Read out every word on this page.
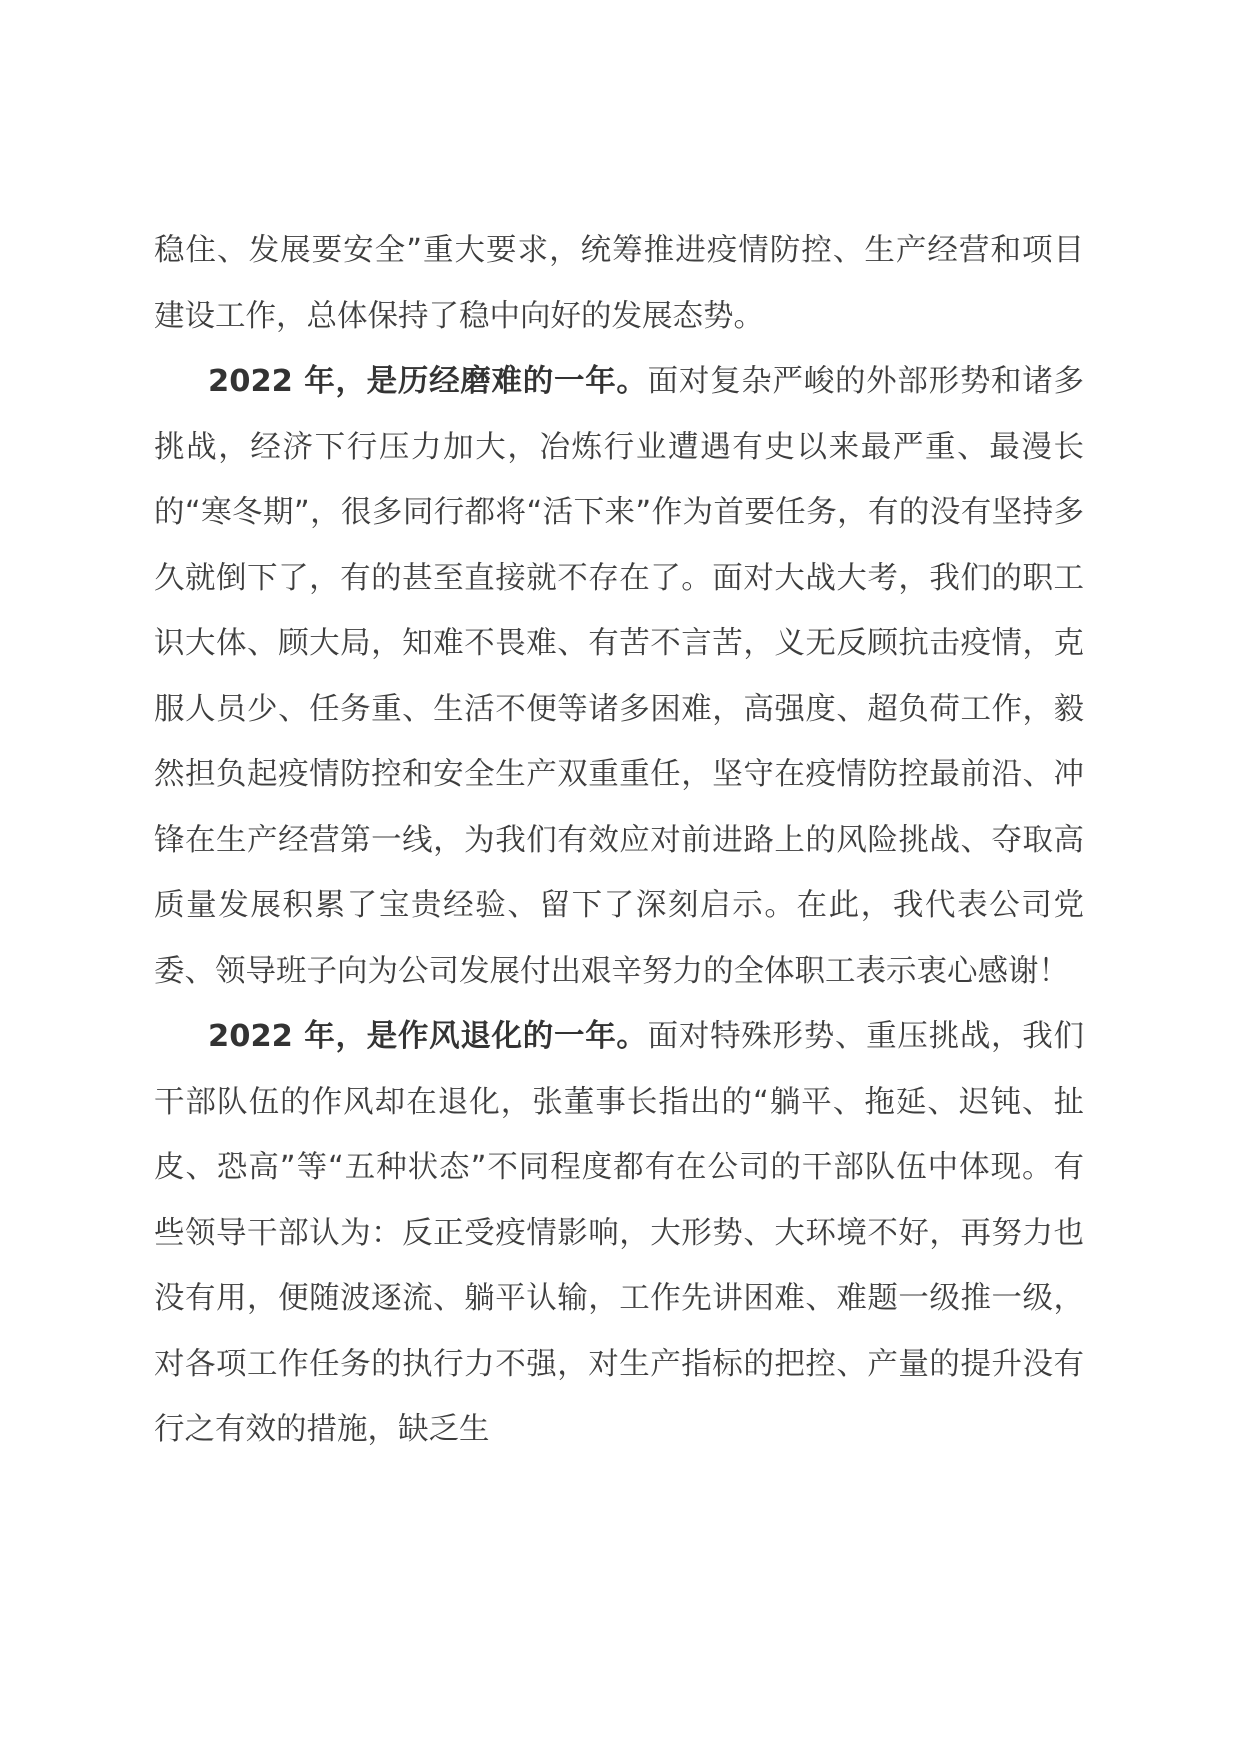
稳住、发展要安全”重大要求，统筹推进疫情防控、生产经营和项目建设工作，总体保持了稳中向好的发展态势。

2022 年，是历经磨难的一年。面对复杂严峻的外部形势和诸多挑战，经济下行压力加大，冶炼行业遭遇有史以来最严重、最漫长的“寒冬期”，很多同行都将“活下来”作为首要任务，有的没有坚持多久就倒下了，有的甚至直接就不存在了。面对大战大考，我们的职工识大体、顾大局，知难不畏难、有苦不言苦，义无反顾抗击疫情，克服人员少、任务重、生活不便等诸多困难，高强度、超负荷工作，毅然担负起疫情防控和安全生产双重重任，坚守在疫情防控最前沿、冲锋在生产经营第一线，为我们有效应对前进路上的风险挑战、夺取高质量发展积累了宝贵经验、留下了深刻启示。在此，我代表公司党委、领导班子向为公司发展付出艰辛努力的全体职工表示衷心感谢！

2022 年，是作风退化的一年。面对特殊形势、重压挑战，我们干部队伍的作风却在退化，张董事长指出的“躺平、拖延、迟钝、扯皮、恐高”等“五种状态”不同程度都有在公司的干部队伍中体现。有些领导干部认为：反正受疫情影响，大形势、大环境不好，再努力也没有用，便随波逐流、躺平认输，工作先讲困难、难题一级推一级，对各项工作任务的执行力不强，对生产指标的把控、产量的提升没有行之有效的措施，缺乏生
